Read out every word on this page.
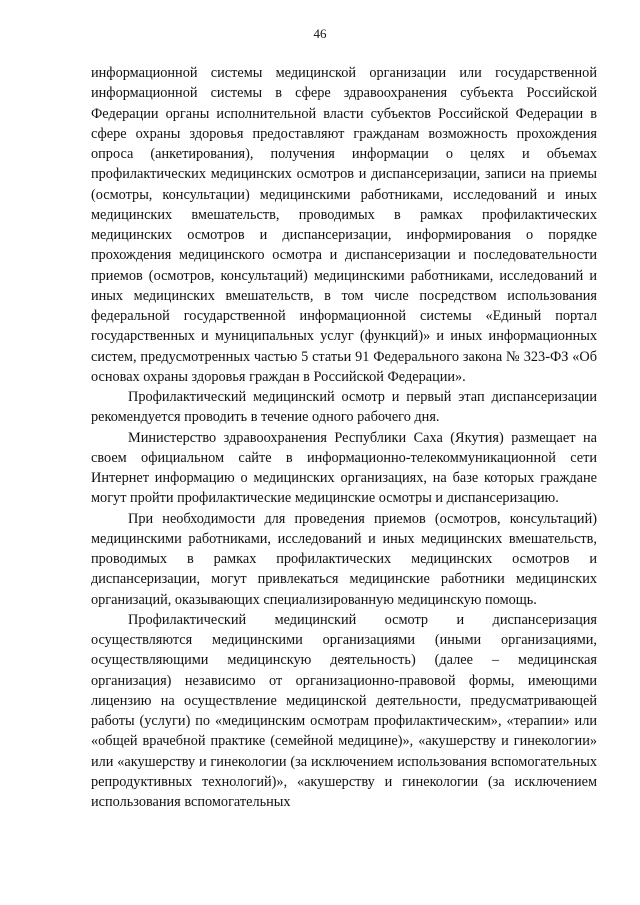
46

информационной системы медицинской организации или государственной информационной системы в сфере здравоохранения субъекта Российской Федерации органы исполнительной власти субъектов Российской Федерации в сфере охраны здоровья предоставляют гражданам возможность прохождения опроса (анкетирования), получения информации о целях и объемах профилактических медицинских осмотров и диспансеризации, записи на приемы (осмотры, консультации) медицинскими работниками, исследований и иных медицинских вмешательств, проводимых в рамках профилактических медицинских осмотров и диспансеризации, информирования о порядке прохождения медицинского осмотра и диспансеризации и последовательности приемов (осмотров, консультаций) медицинскими работниками, исследований и иных медицинских вмешательств, в том числе посредством использования федеральной государственной информационной системы «Единый портал государственных и муниципальных услуг (функций)» и иных информационных систем, предусмотренных частью 5 статьи 91 Федерального закона № 323-ФЗ «Об основах охраны здоровья граждан в Российской Федерации».

Профилактический медицинский осмотр и первый этап диспансеризации рекомендуется проводить в течение одного рабочего дня.

Министерство здравоохранения Республики Саха (Якутия) размещает на своем официальном сайте в информационно-телекоммуникационной сети Интернет информацию о медицинских организациях, на базе которых граждане могут пройти профилактические медицинские осмотры и диспансеризацию.

При необходимости для проведения приемов (осмотров, консультаций) медицинскими работниками, исследований и иных медицинских вмешательств, проводимых в рамках профилактических медицинских осмотров и диспансеризации, могут привлекаться медицинские работники медицинских организаций, оказывающих специализированную медицинскую помощь.

Профилактический медицинский осмотр и диспансеризация осуществляются медицинскими организациями (иными организациями, осуществляющими медицинскую деятельность) (далее – медицинская организация) независимо от организационно-правовой формы, имеющими лицензию на осуществление медицинской деятельности, предусматривающей работы (услуги) по «медицинским осмотрам профилактическим», «терапии» или «общей врачебной практике (семейной медицине)», «акушерству и гинекологии» или «акушерству и гинекологии (за исключением использования вспомогательных репродуктивных технологий)», «акушерству и гинекологии (за исключением использования вспомогательных
